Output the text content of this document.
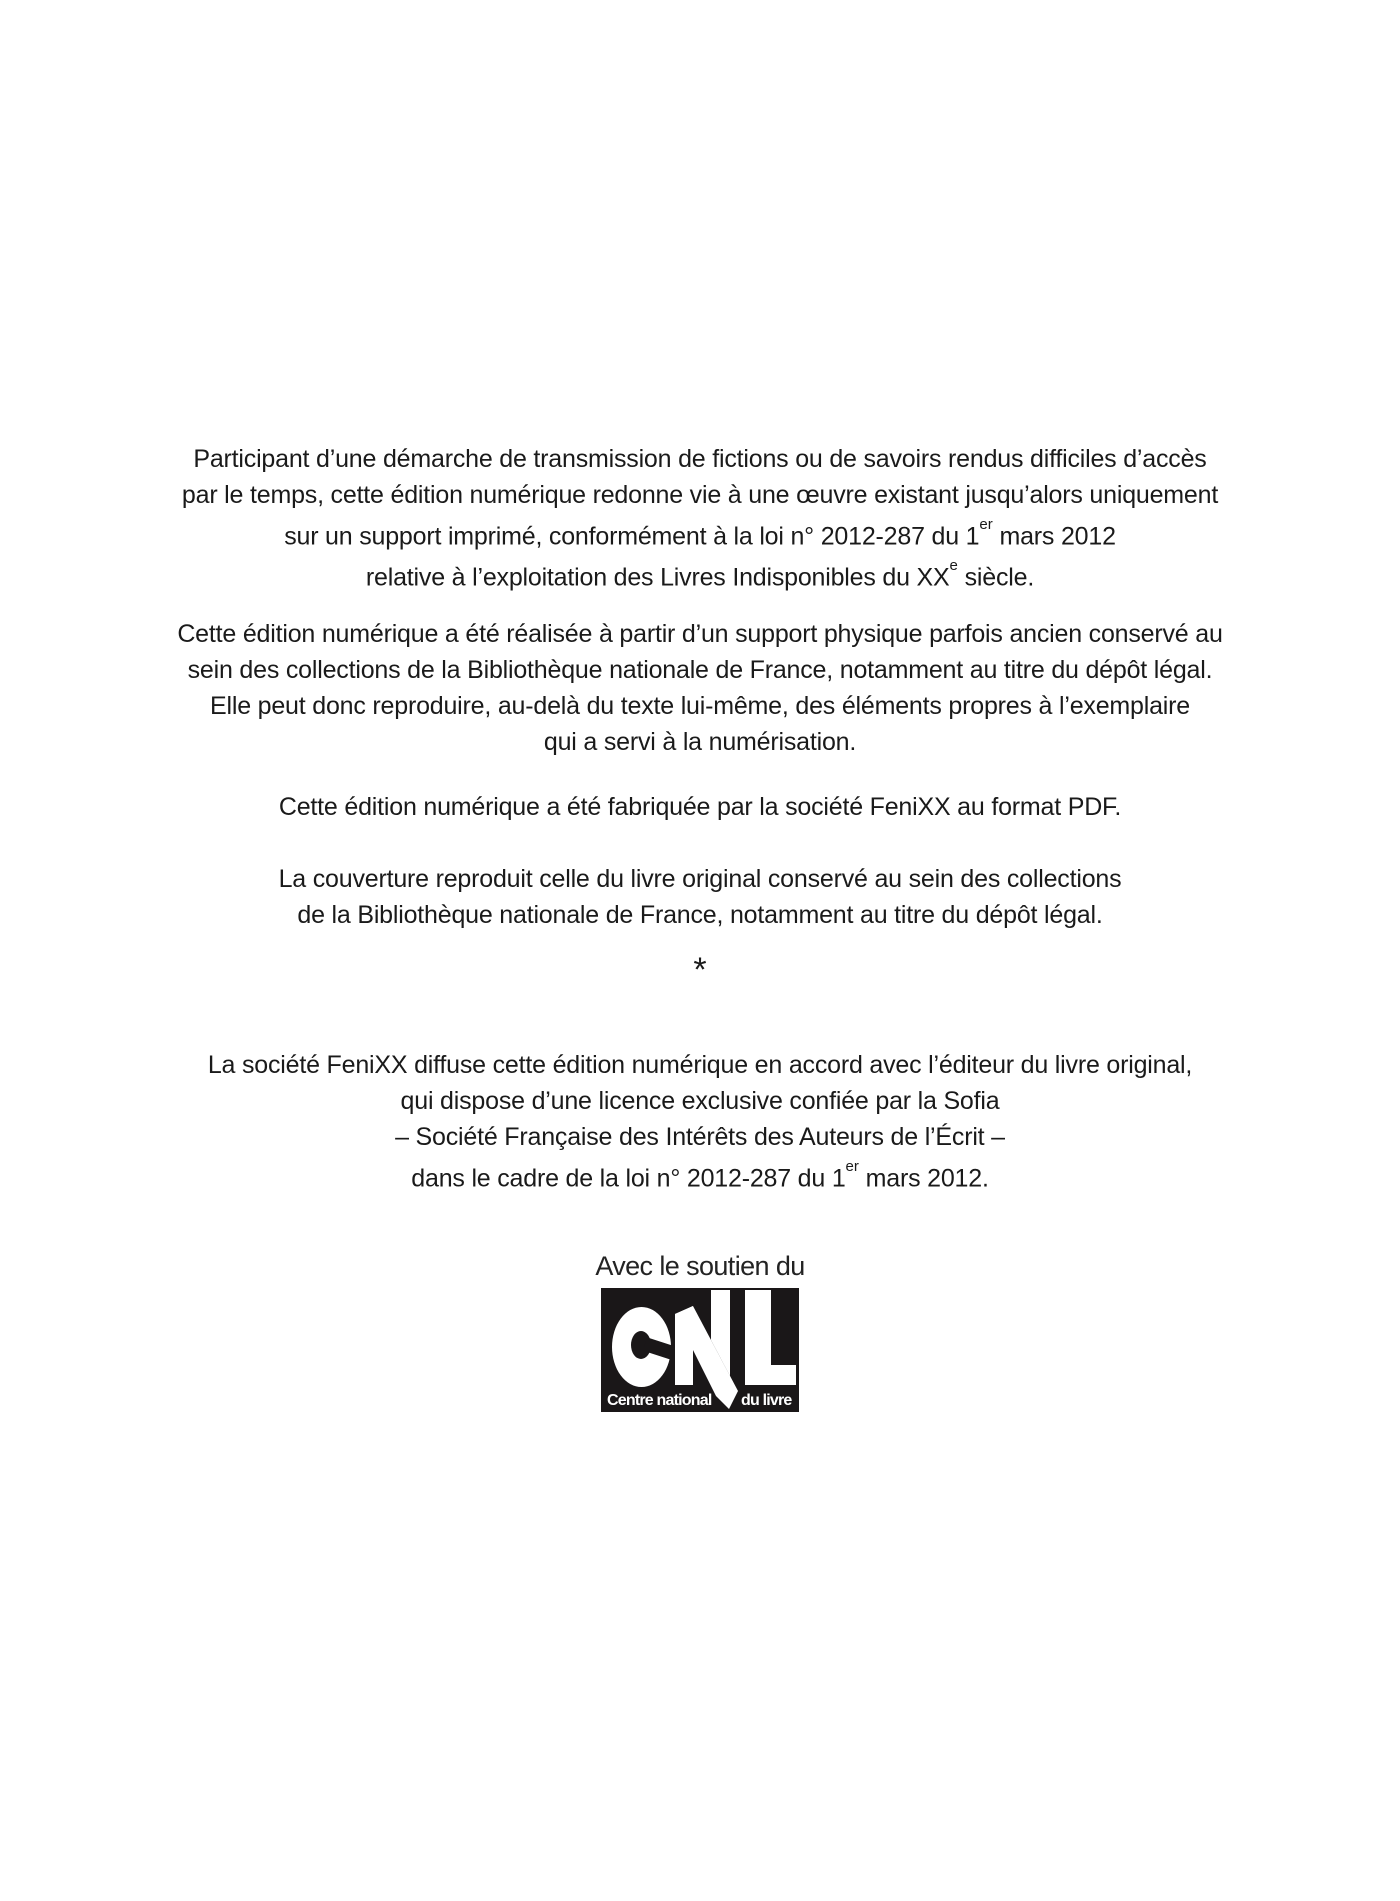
Participant d’une démarche de transmission de fictions ou de savoirs rendus difficiles d’accès
par le temps, cette édition numérique redonne vie à une œuvre existant jusqu’alors uniquement
sur un support imprimé, conformément à la loi n° 2012-287 du 1er mars 2012
relative à l’exploitation des Livres Indisponibles du XXe siècle.
Cette édition numérique a été réalisée à partir d’un support physique parfois ancien conservé au
sein des collections de la Bibliothèque nationale de France, notamment au titre du dépôt légal.
Elle peut donc reproduire, au-delà du texte lui-même, des éléments propres à l’exemplaire
qui a servi à la numérisation.
Cette édition numérique a été fabriquée par la société FeniXX au format PDF.
La couverture reproduit celle du livre original conservé au sein des collections
de la Bibliothèque nationale de France, notamment au titre du dépôt légal.
*
La société FeniXX diffuse cette édition numérique en accord avec l’éditeur du livre original,
qui dispose d’une licence exclusive confiée par la Sofia
– Société Française des Intérêts des Auteurs de l’Écrit –
dans le cadre de la loi n° 2012-287 du 1er mars 2012.
Avec le soutien du
Centre national du livre
